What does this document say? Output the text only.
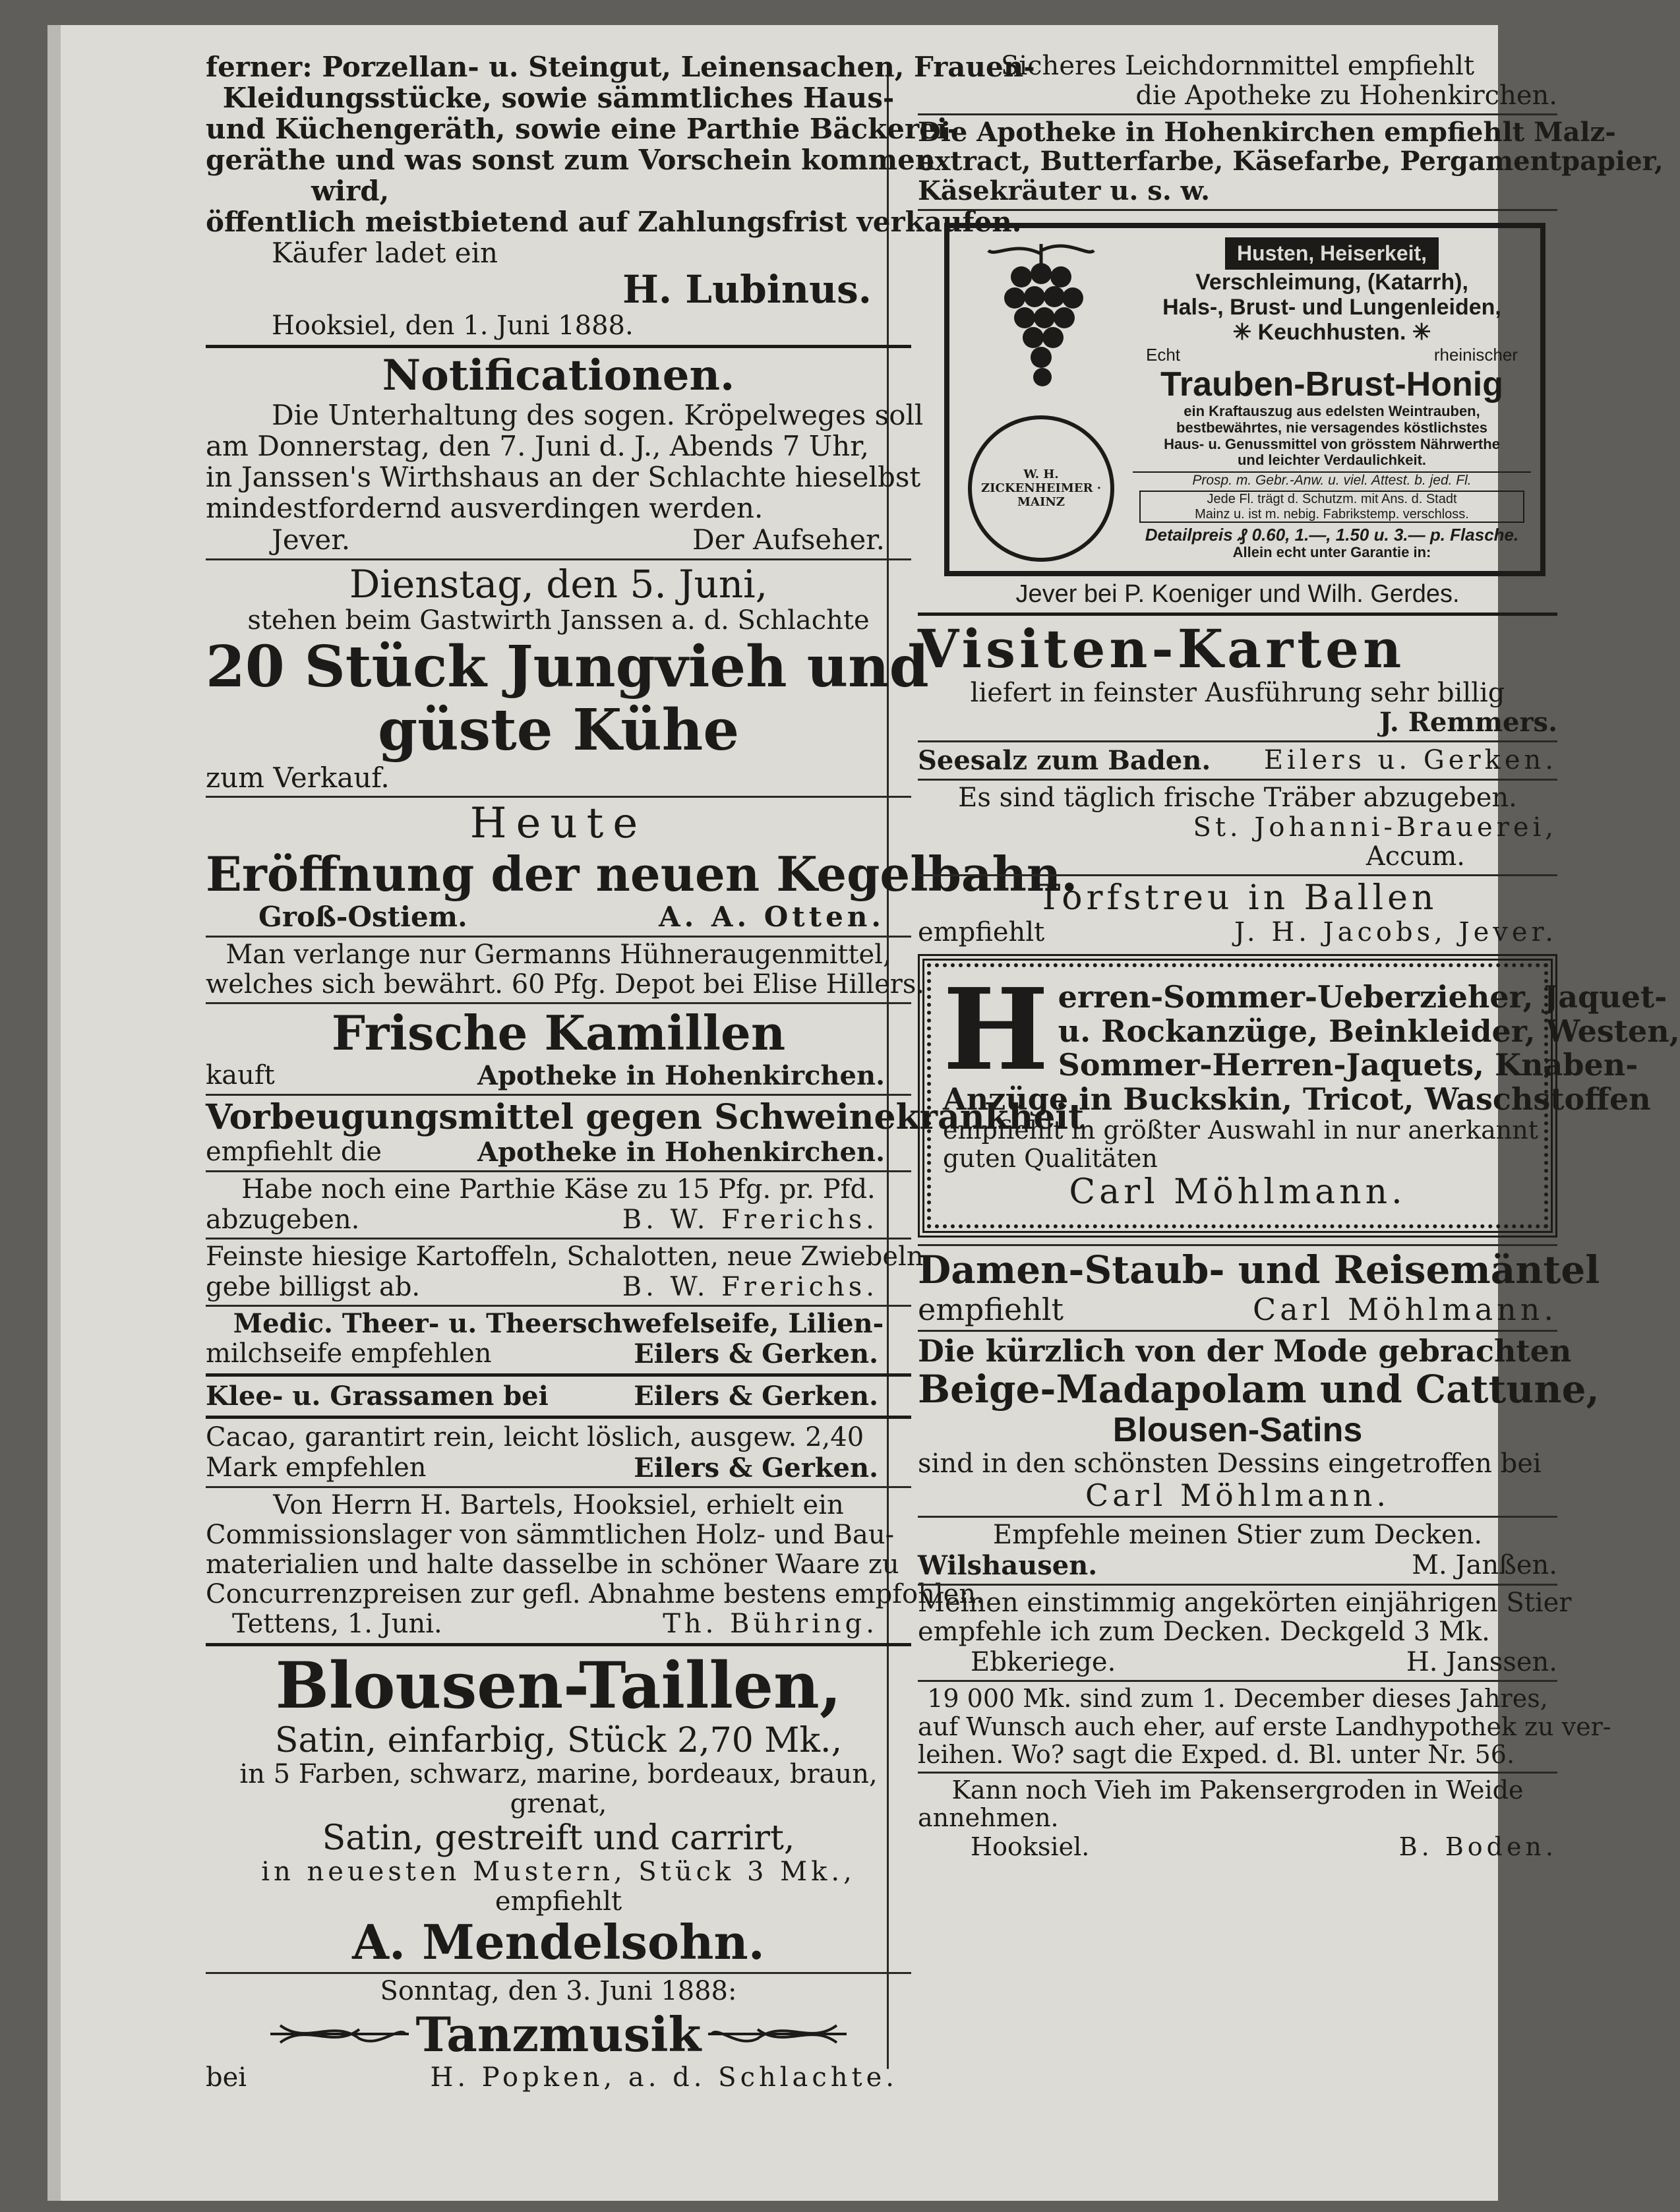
ferner: Porzellan- u. Steingut, Leinensachen, Frauen-
Kleidungsstücke, sowie sämmtliches Haus-
und Küchengeräth, sowie eine Parthie Bäckerei-
geräthe und was sonst zum Vorschein kommen
wird,
öffentlich meistbietend auf Zahlungsfrist verkaufen.
Käufer ladet ein
H. Lubinus.
Hooksiel, den 1. Juni 1888.
Notificationen.
Die Unterhaltung des sogen. Kröpelweges soll
am Donnerstag, den 7. Juni d. J., Abends 7 Uhr,
in Janssen's Wirthshaus an der Schlachte hieselbst
mindestfordernd ausverdingen werden.
Jever.	Der Aufseher.
Dienstag, den 5. Juni,
stehen beim Gastwirth Janssen a. d. Schlachte
20 Stück Jungvieh und
güste Kühe
zum Verkauf.
Heute
Eröffnung der neuen Kegelbahn.
Groß-Ostiem.	A. A. Otten.
Man verlange nur Germanns Hühneraugenmittel,
welches sich bewährt. 60 Pfg. Depot bei Elise Hillers.
Frische Kamillen
kauft	Apotheke in Hohenkirchen.
Vorbeugungsmittel gegen Schweinekrankheit
empfiehlt die	Apotheke in Hohenkirchen.
Habe noch eine Parthie Käse zu 15 Pfg. pr. Pfd.
abzugeben.	B. W. Frerichs.
Feinste hiesige Kartoffeln, Schalotten, neue Zwiebeln
gebe billigst ab.	B. W. Frerichs.
Medic. Theer- u. Theerschwefelseife, Lilien-
milchseife empfehlen	Eilers & Gerken.
Klee- u. Grassamen bei	Eilers & Gerken.
Cacao, garantirt rein, leicht löslich, ausgew. 2,40
Mark empfehlen	Eilers & Gerken.
Von Herrn H. Bartels, Hooksiel, erhielt ein
Commissionslager von sämmtlichen Holz- und Bau-
materialien und halte dasselbe in schöner Waare zu
Concurrenzpreisen zur gefl. Abnahme bestens empfohlen.
Tettens, 1. Juni.	Th. Bühring.
Blousen-Taillen,
Satin, einfarbig, Stück 2,70 Mk.,
in 5 Farben, schwarz, marine, bordeaux, braun,
grenat,
Satin, gestreift und carrirt,
in neuesten Mustern, Stück 3 Mk.,
empfiehlt
A. Mendelsohn.
Sonntag, den 3. Juni 1888:
Tanzmusik
bei	H. Popken, a. d. Schlachte.
Sicheres Leichdornmittel empfiehlt
die Apotheke zu Hohenkirchen.
Die Apotheke in Hohenkirchen empfiehlt Malz-
extract, Butterfarbe, Käsefarbe, Pergamentpapier,
Käsekräuter u. s. w.
W. H. ZICKENHEIMER · MAINZ
Husten, Heiserkeit,
Verschleimung, (Katarrh),
Hals-, Brust- und Lungenleiden,
✳ Keuchhusten. ✳
Echt	rheinischer
Trauben-Brust-Honig
ein Kraftauszug aus edelsten Weintrauben,
bestbewährtes, nie versagendes köstlichstes
Haus- u. Genussmittel von grösstem Nährwerthe
und leichter Verdaulichkeit.
Prosp. m. Gebr.-Anw. u. viel. Attest. b. jed. Fl.
Jede Fl. trägt d. Schutzm. mit Ans. d. Stadt
Mainz u. ist m. nebig. Fabrikstemp. verschloss.
Detailpreis ₰ 0.60, 1.—, 1.50 u. 3.— p. Flasche.
Allein echt unter Garantie in:
Jever bei P. Koeniger und Wilh. Gerdes.
Visiten-Karten
liefert in feinster Ausführung sehr billig
J. Remmers.
Seesalz zum Baden. Eilers u. Gerken.
Es sind täglich frische Träber abzugeben.
St. Johanni-Brauerei,
Accum.
Torfstreu in Ballen
empfiehlt	J. H. Jacobs, Jever.
H erren-Sommer-Ueberzieher, Jaquet-
u. Rockanzüge, Beinkleider, Westen,
Sommer-Herren-Jaquets, Knaben-
Anzüge in Buckskin, Tricot, Waschstoffen
empfiehlt in größter Auswahl in nur anerkannt
guten Qualitäten
Carl Möhlmann.
Damen-Staub- und Reisemäntel
empfiehlt	Carl Möhlmann.
Die kürzlich von der Mode gebrachten
Beige-Madapolam und Cattune,
Blousen-Satins
sind in den schönsten Dessins eingetroffen bei
Carl Möhlmann.
Empfehle meinen Stier zum Decken.
Wilshausen.	M. Janßen.
Meinen einstimmig angekörten einjährigen Stier
empfehle ich zum Decken. Deckgeld 3 Mk.
Ebkeriege.	H. Janssen.
19 000 Mk. sind zum 1. December dieses Jahres,
auf Wunsch auch eher, auf erste Landhypothek zu ver-
leihen. Wo? sagt die Exped. d. Bl. unter Nr. 56.
Kann noch Vieh im Pakensergroden in Weide
annehmen.
Hooksiel.	B. Boden.
